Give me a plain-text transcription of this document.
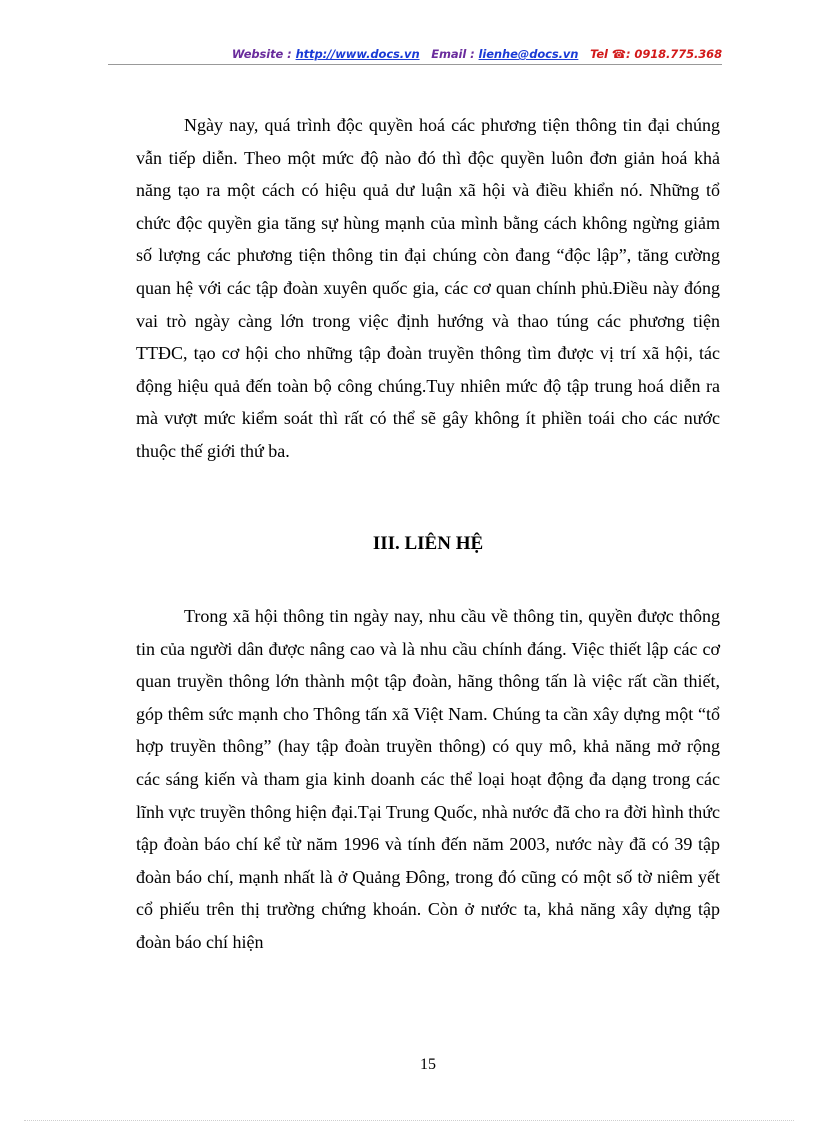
Website : http://www.docs.vn Email : lienhe@docs.vn Tel ☎: 0918.775.368

Ngày nay, quá trình độc quyền hoá các phương tiện thông tin đại chúng vẫn tiếp diễn. Theo một mức độ nào đó thì độc quyền luôn đơn giản hoá khả năng tạo ra một cách có hiệu quả dư luận xã hội và điều khiển nó. Những tổ chức độc quyền gia tăng sự hùng mạnh của mình bằng cách không ngừng giảm số lượng các phương tiện thông tin đại chúng còn đang “độc lập”, tăng cường quan hệ với các tập đoàn xuyên quốc gia, các cơ quan chính phủ.Điều này đóng vai trò ngày càng lớn trong việc định hướng và thao túng các phương tiện TTĐC, tạo cơ hội cho những tập đoàn truyền thông tìm được vị trí xã hội, tác động hiệu quả đến toàn bộ công chúng.Tuy nhiên mức độ tập trung hoá diễn ra mà vượt mức kiểm soát thì rất có thể sẽ gây không ít phiền toái cho các nước thuộc thế giới thứ ba.

III. LIÊN HỆ

Trong xã hội thông tin ngày nay, nhu cầu về thông tin, quyền được thông tin của người dân được nâng cao và là nhu cầu chính đáng. Việc thiết lập các cơ quan truyền thông lớn thành một tập đoàn, hãng thông tấn là việc rất cần thiết, góp thêm sức mạnh cho Thông tấn xã Việt Nam. Chúng ta cần xây dựng một “tổ hợp truyền thông” (hay tập đoàn truyền thông) có quy mô, khả năng mở rộng các sáng kiến và tham gia kinh doanh các thể loại hoạt động đa dạng trong các lĩnh vực truyền thông hiện đại.Tại Trung Quốc, nhà nước đã cho ra đời hình thức tập đoàn báo chí kể từ năm 1996 và tính đến năm 2003, nước này đã có 39 tập đoàn báo chí, mạnh nhất là ở Quảng Đông, trong đó cũng có một số tờ niêm yết cổ phiếu trên thị trường chứng khoán. Còn ở nước ta, khả năng xây dựng tập đoàn báo chí hiện

15
